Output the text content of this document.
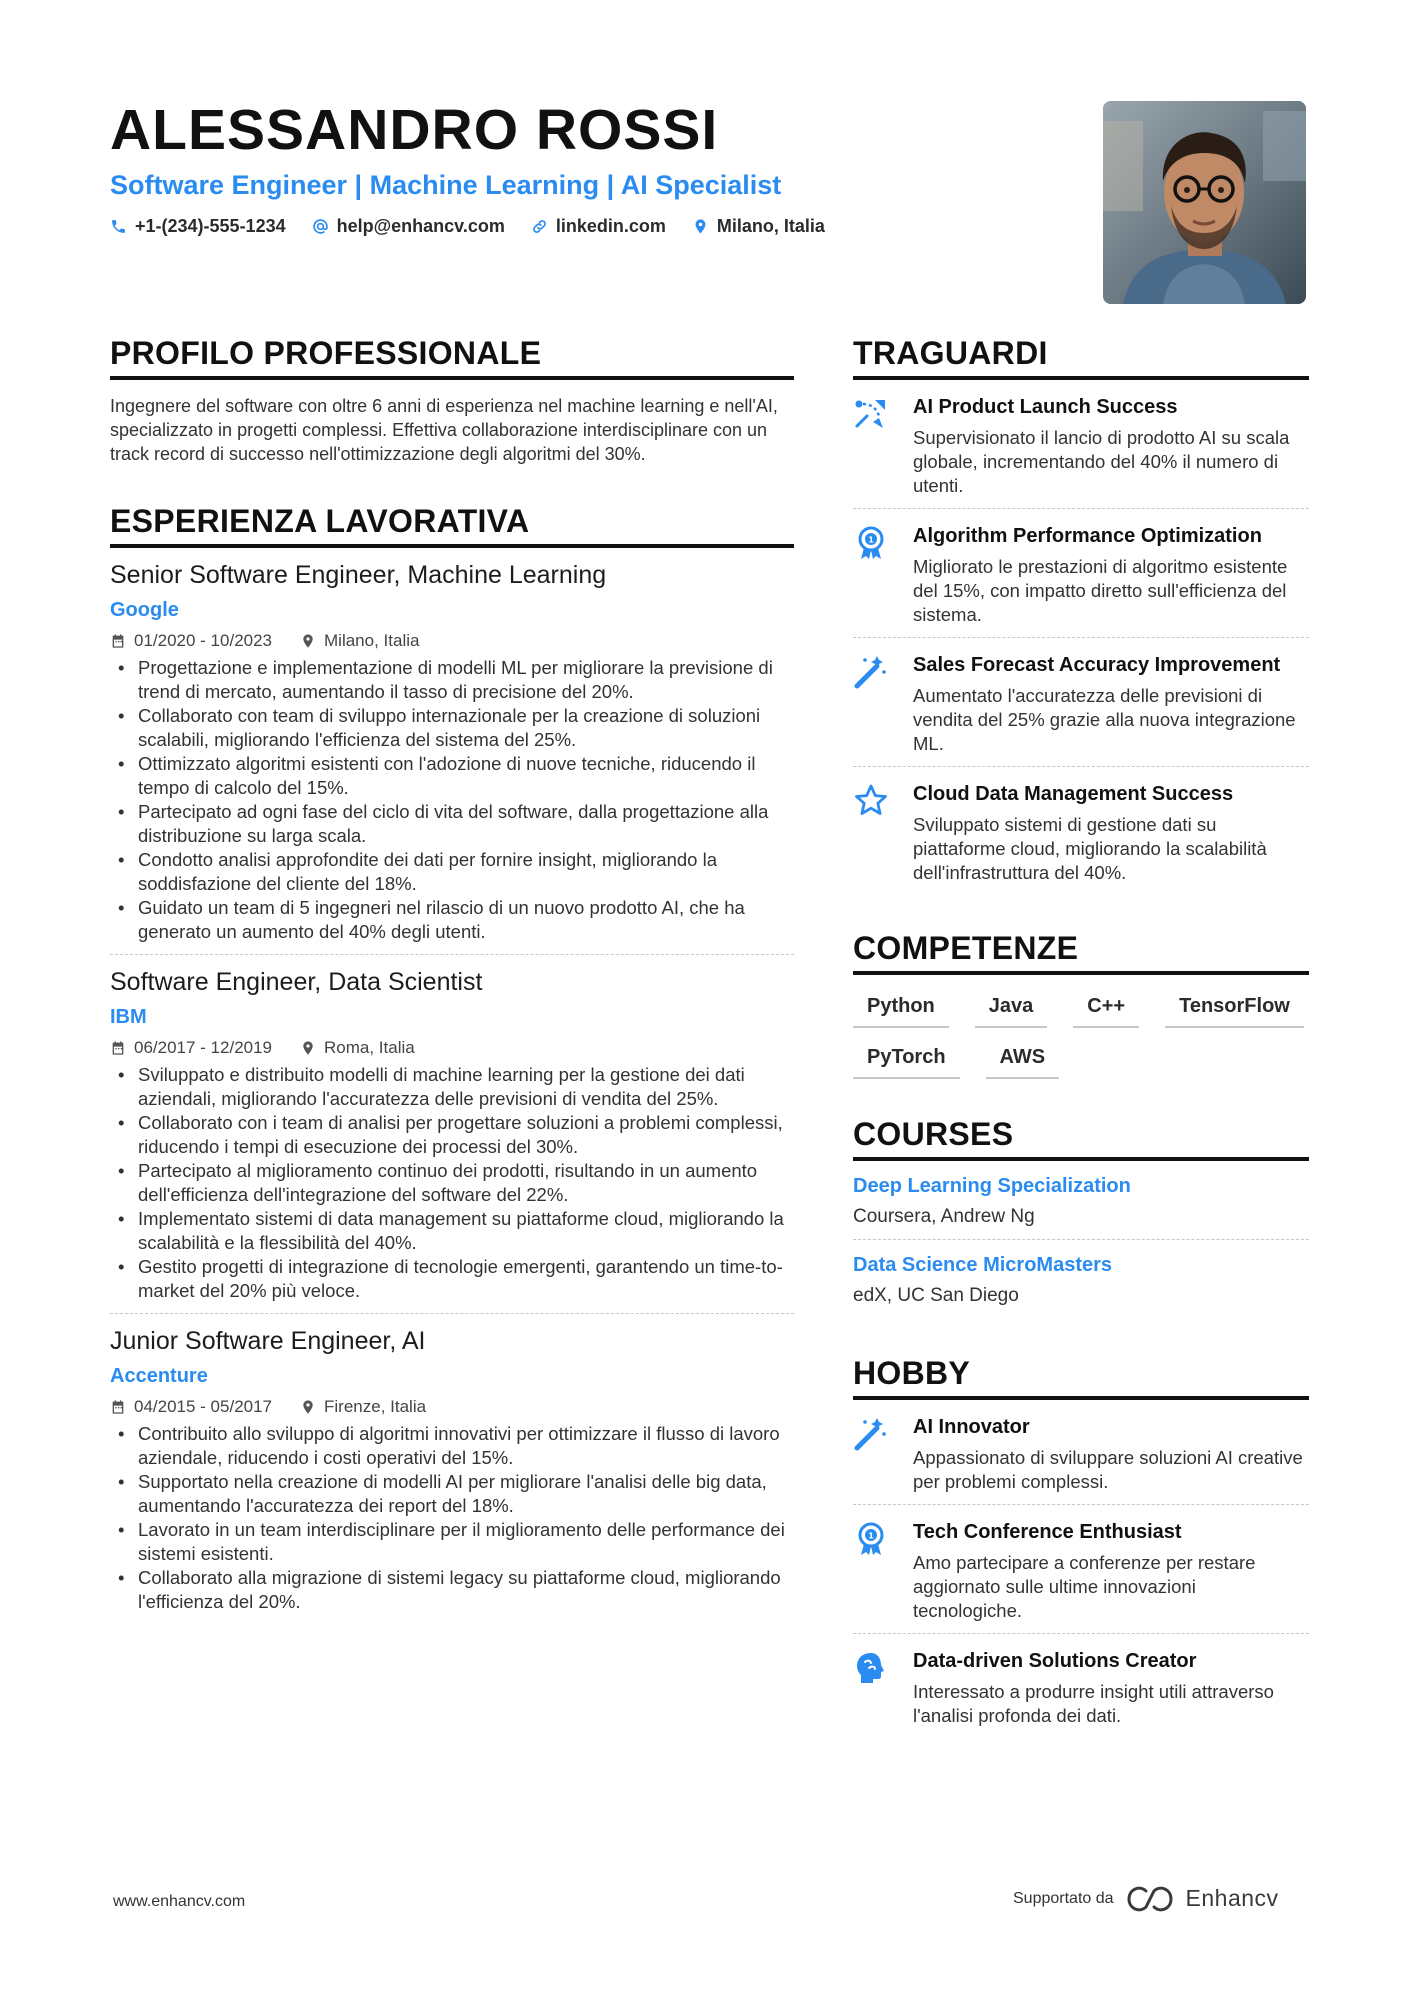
ALESSANDRO ROSSI
Software Engineer | Machine Learning | AI Specialist
+1-(234)-555-1234	help@enhancv.com	linkedin.com	Milano, Italia
PROFILO PROFESSIONALE

Ingegnere del software con oltre 6 anni di esperienza nel machine learning e nell'AI, specializzato in progetti complessi. Effettiva collaborazione interdisciplinare con un track record di successo nell'ottimizzazione degli algoritmi del 30%.

ESPERIENZA LAVORATIVA
Senior Software Engineer, Machine Learning
Google
01/2020 - 10/2023	Milano, Italia
• Progettazione e implementazione di modelli ML per migliorare la previsione di trend di mercato, aumentando il tasso di precisione del 20%.
• Collaborato con team di sviluppo internazionale per la creazione di soluzioni scalabili, migliorando l'efficienza del sistema del 25%.
• Ottimizzato algoritmi esistenti con l'adozione di nuove tecniche, riducendo il tempo di calcolo del 15%.
• Partecipato ad ogni fase del ciclo di vita del software, dalla progettazione alla distribuzione su larga scala.
• Condotto analisi approfondite dei dati per fornire insight, migliorando la soddisfazione del cliente del 18%.
• Guidato un team di 5 ingegneri nel rilascio di un nuovo prodotto AI, che ha generato un aumento del 40% degli utenti.
Software Engineer, Data Scientist
IBM
06/2017 - 12/2019	Roma, Italia
• Sviluppato e distribuito modelli di machine learning per la gestione dei dati aziendali, migliorando l'accuratezza delle previsioni di vendita del 25%.
• Collaborato con i team di analisi per progettare soluzioni a problemi complessi, riducendo i tempi di esecuzione dei processi del 30%.
• Partecipato al miglioramento continuo dei prodotti, risultando in un aumento dell'efficienza dell'integrazione del software del 22%.
• Implementato sistemi di data management su piattaforme cloud, migliorando la scalabilità e la flessibilità del 40%.
• Gestito progetti di integrazione di tecnologie emergenti, garantendo un time-to-market del 20% più veloce.
Junior Software Engineer, AI
Accenture
04/2015 - 05/2017	Firenze, Italia
• Contribuito allo sviluppo di algoritmi innovativi per ottimizzare il flusso di lavoro aziendale, riducendo i costi operativi del 15%.
• Supportato nella creazione di modelli AI per migliorare l'analisi delle big data, aumentando l'accuratezza dei report del 18%.
• Lavorato in un team interdisciplinare per il miglioramento delle performance dei sistemi esistenti.
• Collaborato alla migrazione di sistemi legacy su piattaforme cloud, migliorando l'efficienza del 20%.
TRAGUARDI
AI Product Launch Success
Supervisionato il lancio di prodotto AI su scala globale, incrementando del 40% il numero di utenti.
1 Algorithm Performance Optimization
Migliorato le prestazioni di algoritmo esistente del 15%, con impatto diretto sull'efficienza del sistema.
Sales Forecast Accuracy Improvement
Aumentato l'accuratezza delle previsioni di vendita del 25% grazie alla nuova integrazione ML.
Cloud Data Management Success
Sviluppato sistemi di gestione dati su piattaforme cloud, migliorando la scalabilità dell'infrastruttura del 40%.
COMPETENZE
Python	Java	C++	TensorFlow
PyTorch	AWS
COURSES
Deep Learning Specialization
Coursera, Andrew Ng
Data Science MicroMasters
edX, UC San Diego
HOBBY
AI Innovator
Appassionato di sviluppare soluzioni AI creative per problemi complessi.
1 Tech Conference Enthusiast
Amo partecipare a conferenze per restare aggiornato sulle ultime innovazioni tecnologiche.
Data-driven Solutions Creator
Interessato a produrre insight utili attraverso l'analisi profonda dei dati.
www.enhancv.com	Supportato da	Enhancv
